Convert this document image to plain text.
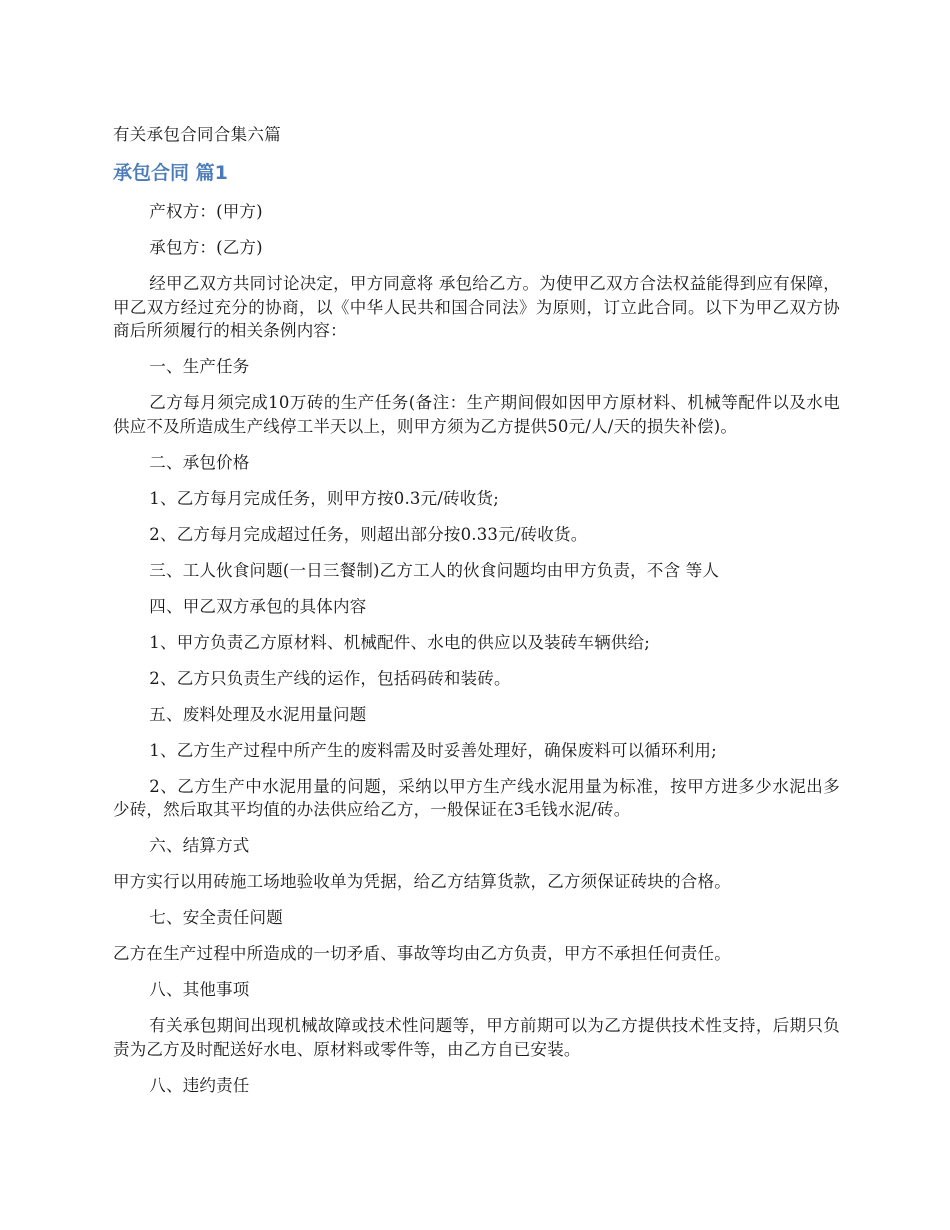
有关承包合同合集六篇
承包合同 篇1

产权方：(甲方)

承包方：(乙方)

经甲乙双方共同讨论决定，甲方同意将 承包给乙方。为使甲乙双方合法权益能得到应有保障，甲乙双方经过充分的协商，以《中华人民共和国合同法》为原则，订立此合同。以下为甲乙双方协商后所须履行的相关条例内容：

一、生产任务

乙方每月须完成10万砖的生产任务(备注：生产期间假如因甲方原材料、机械等配件以及水电供应不及所造成生产线停工半天以上，则甲方须为乙方提供50元/人/天的损失补偿)。

二、承包价格

1、乙方每月完成任务，则甲方按0.3元/砖收货;

2、乙方每月完成超过任务，则超出部分按0.33元/砖收货。

三、工人伙食问题(一日三餐制)乙方工人的伙食问题均由甲方负责，不含 等人

四、甲乙双方承包的具体内容

1、甲方负责乙方原材料、机械配件、水电的供应以及装砖车辆供给;

2、乙方只负责生产线的运作，包括码砖和装砖。

五、废料处理及水泥用量问题

1、乙方生产过程中所产生的废料需及时妥善处理好，确保废料可以循环利用;

2、乙方生产中水泥用量的问题，采纳以甲方生产线水泥用量为标准，按甲方进多少水泥出多少砖，然后取其平均值的办法供应给乙方，一般保证在3毛钱水泥/砖。

六、结算方式

甲方实行以用砖施工场地验收单为凭据，给乙方结算货款，乙方须保证砖块的合格。

七、安全责任问题

乙方在生产过程中所造成的一切矛盾、事故等均由乙方负责，甲方不承担任何责任。

八、其他事项

有关承包期间出现机械故障或技术性问题等，甲方前期可以为乙方提供技术性支持，后期只负责为乙方及时配送好水电、原材料或零件等，由乙方自已安装。

八、违约责任
